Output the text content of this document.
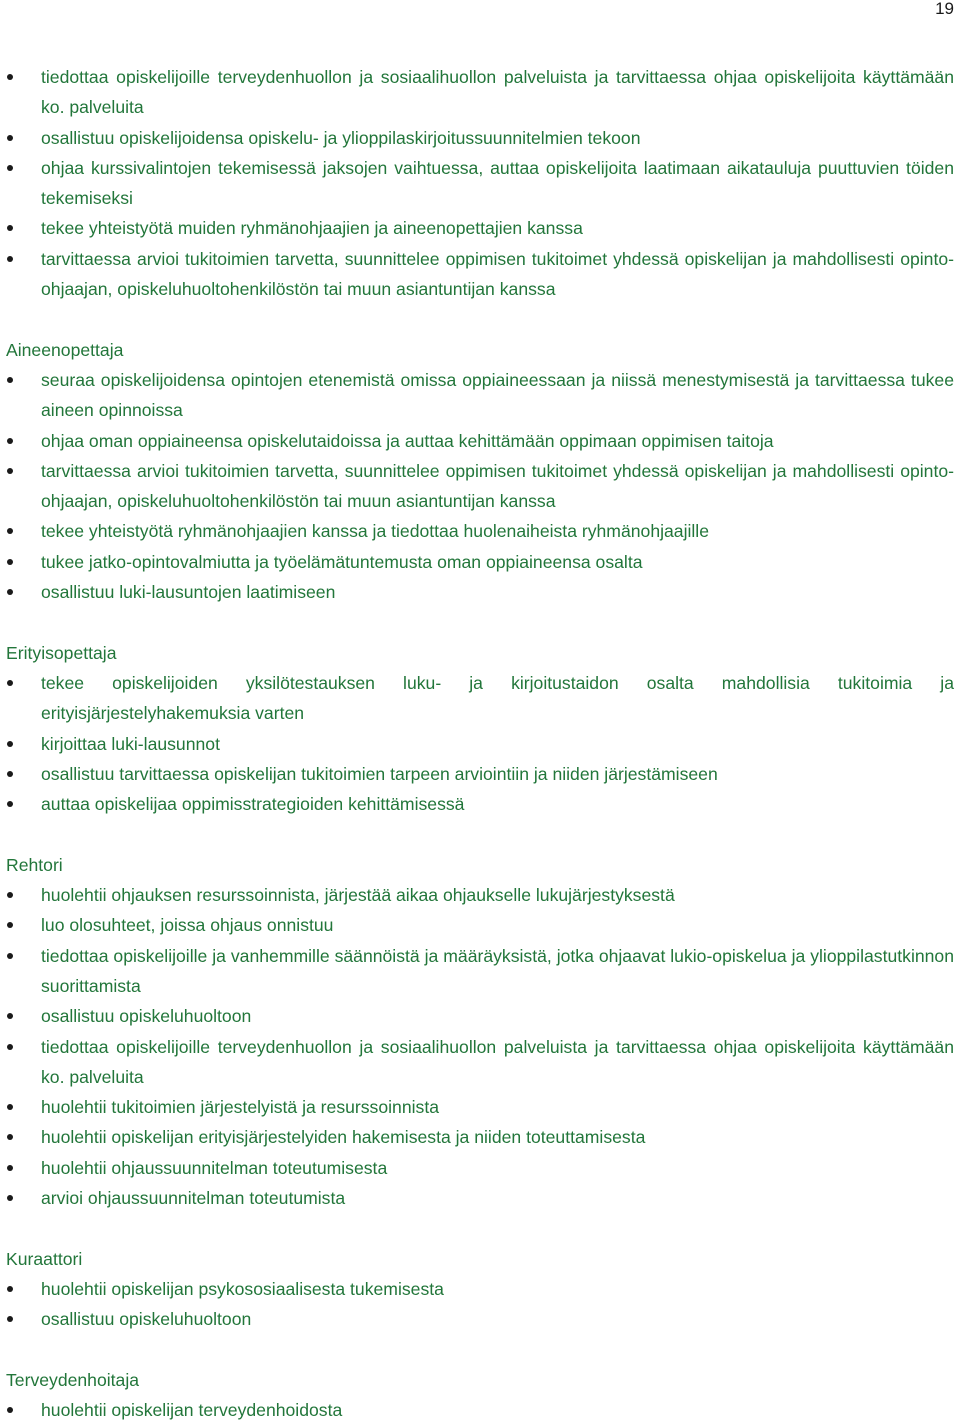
19
tiedottaa opiskelijoille terveydenhuollon ja sosiaalihuollon palveluista ja tarvittaessa ohjaa opiskelijoita käyttämään ko. palveluita
osallistuu opiskelijoidensa opiskelu- ja ylioppilaskirjoitussuunnitelmien tekoon
ohjaa kurssivalintojen tekemisessä jaksojen vaihtuessa, auttaa opiskelijoita laatimaan aikatauluja puuttuvien töiden tekemiseksi
tekee yhteistyötä muiden ryhmänohjaajien ja aineenopettajien kanssa
tarvittaessa arvioi tukitoimien tarvetta, suunnittelee oppimisen tukitoimet yhdessä opiskelijan ja mahdollisesti opinto-ohjaajan, opiskeluhuoltohenkilöstön tai muun asiantuntijan kanssa
Aineenopettaja
seuraa opiskelijoidensa opintojen etenemistä omissa oppiaineessaan ja niissä menestymisestä ja tarvittaessa tukee aineen opinnoissa
ohjaa oman oppiaineensa opiskelutaidoissa ja auttaa kehittämään oppimaan oppimisen taitoja
tarvittaessa arvioi tukitoimien tarvetta, suunnittelee oppimisen tukitoimet yhdessä opiskelijan ja mahdollisesti opinto-ohjaajan, opiskeluhuoltohenkilöstön tai muun asiantuntijan kanssa
tekee yhteistyötä ryhmänohjaajien kanssa ja tiedottaa huolenaiheista ryhmänohjaajille
tukee jatko-opintovalmiutta ja työelämätuntemusta oman oppiaineensa osalta
osallistuu luki-lausuntojen laatimiseen
Erityisopettaja
tekee opiskelijoiden yksilötestauksen luku- ja kirjoitustaidon osalta mahdollisia tukitoimia ja erityisjärjestelyhakemuksia varten
kirjoittaa luki-lausunnot
osallistuu tarvittaessa opiskelijan tukitoimien tarpeen arviointiin ja niiden järjestämiseen
auttaa opiskelijaa oppimisstrategioiden kehittämisessä
Rehtori
huolehtii ohjauksen resurssoinnista, järjestää aikaa ohjaukselle lukujärjestyksestä
luo olosuhteet, joissa ohjaus onnistuu
tiedottaa opiskelijoille ja vanhemmille säännöistä ja määräyksistä, jotka ohjaavat lukio-opiskelua ja ylioppilastutkinnon suorittamista
osallistuu opiskeluhuoltoon
tiedottaa opiskelijoille terveydenhuollon ja sosiaalihuollon palveluista ja tarvittaessa ohjaa opiskelijoita käyttämään ko. palveluita
huolehtii tukitoimien järjestelyistä ja resurssoinnista
huolehtii opiskelijan erityisjärjestelyiden hakemisesta ja niiden toteuttamisesta
huolehtii ohjaussuunnitelman toteutumisesta
arvioi ohjaussuunnitelman toteutumista
Kuraattori
huolehtii opiskelijan psykososiaalisesta tukemisesta
osallistuu opiskeluhuoltoon
Terveydenhoitaja
huolehtii opiskelijan terveydenhoidosta
